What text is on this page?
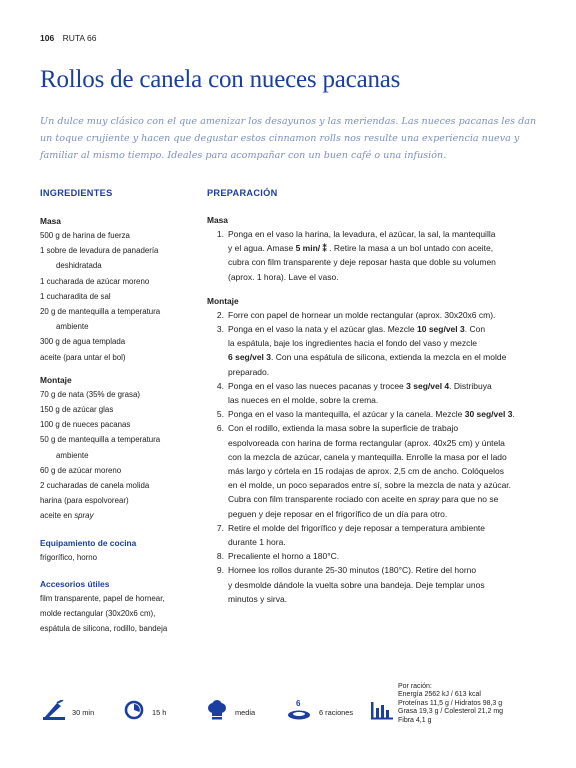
106 RUTA 66
Rollos de canela con nueces pacanas

Un dulce muy clásico con el que amenizar los desayunos y las meriendas. Las nueces pacanas les dan un toque crujiente y hacen que degustar estos cinnamon rolls nos resulte una experiencia nueva y familiar al mismo tiempo. Ideales para acompañar con un buen café o una infusión.

INGREDIENTES
Masa
500 g de harina de fuerza
1 sobre de levadura de panadería
deshidratada
1 cucharada de azúcar moreno
1 cucharadita de sal
20 g de mantequilla a temperatura
ambiente
300 g de agua templada
aceite (para untar el bol)
Montaje
70 g de nata (35% de grasa)
150 g de azúcar glas
100 g de nueces pacanas
50 g de mantequilla a temperatura
ambiente
60 g de azúcar moreno
2 cucharadas de canela molida
harina (para espolvorear)
aceite en spray
Equipamiento de cocina
frigorífico, horno
Accesorios útiles
film transparente, papel de hornear,
molde rectangular (30x20x6 cm),
espátula de silicona, rodillo, bandeja
PREPARACIÓN
Masa
1. Ponga en el vaso la harina, la levadura, el azúcar, la sal, la mantequilla
y el agua. Amase 5 min/ ⁑ . Retire la masa a un bol untado con aceite,
cubra con film transparente y deje reposar hasta que doble su volumen
(aprox. 1 hora). Lave el vaso.
Montaje
2. Forre con papel de hornear un molde rectangular (aprox. 30x20x6 cm).
3. Ponga en el vaso la nata y el azúcar glas. Mezcle 10 seg/vel 3. Con
la espátula, baje los ingredientes hacia el fondo del vaso y mezcle
6 seg/vel 3. Con una espátula de silicona, extienda la mezcla en el molde
preparado.
4. Ponga en el vaso las nueces pacanas y trocee 3 seg/vel 4. Distribuya
las nueces en el molde, sobre la crema.
5. Ponga en el vaso la mantequilla, el azúcar y la canela. Mezcle 30 seg/vel 3.
6. Con el rodillo, extienda la masa sobre la superficie de trabajo
espolvoreada con harina de forma rectangular (aprox. 40x25 cm) y úntela
con la mezcla de azúcar, canela y mantequilla. Enrolle la masa por el lado
más largo y córtela en 15 rodajas de aprox. 2,5 cm de ancho. Colóquelos
en el molde, un poco separados entre sí, sobre la mezcla de nata y azúcar.
Cubra con film transparente rociado con aceite en spray para que no se
peguen y deje reposar en el frigorífico de un día para otro.
7. Retire el molde del frigorífico y deje reposar a temperatura ambiente
durante 1 hora.
8. Precaliente el horno a 180°C.
9. Hornee los rollos durante 25-30 minutos (180°C). Retire del horno
y desmolde dándole la vuelta sobre una bandeja. Deje templar unos
minutos y sirva.
30 min	15 h	media
6
6 raciones
Por ración:
Energía 2562 kJ / 613 kcal
Proteínas 11,5 g / Hidratos 98,3 g
Grasa 19,3 g / Colesterol 21,2 mg
Fibra 4,1 g
